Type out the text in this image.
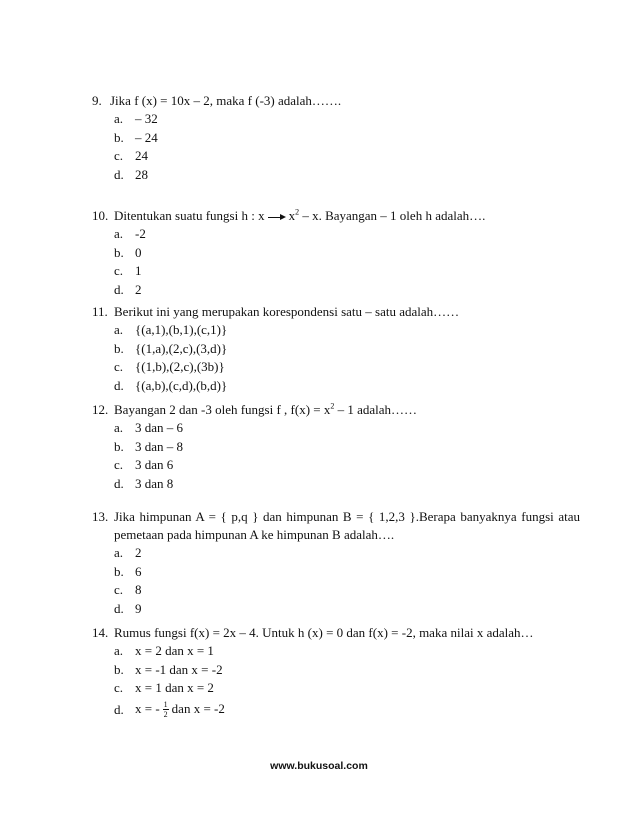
9. Jika f (x) = 10x – 2, maka f (-3) adalah…….
a. – 32
b. – 24
c. 24
d. 28
10. Ditentukan suatu fungsi h : x $x^2$ – x. Bayangan – 1 oleh h adalah….
a. -2
b. 0
c. 1
d. 2
11. Berikut ini yang merupakan korespondensi satu – satu adalah……
a. {(a,1),(b,1),(c,1)}
b. {(1,a),(2,c),(3,d)}
c. {(1,b),(2,c),(3b)}
d. {(a,b),(c,d),(b,d)}
12. Bayangan 2 dan -3 oleh fungsi f , $f(x) = x^2 - 1$ adalah……
a. 3 dan – 6
b. 3 dan – 8
c. 3 dan 6
d. 3 dan 8
13. Jika himpunan A = { p,q } dan himpunan B = { 1,2,3 }.Berapa banyaknya fungsi atau pemetaan pada himpunan A ke himpunan B adalah….
a. 2
b. 6
c. 8
d. 9
14. Rumus fungsi f(x) = 2x – 4. Untuk h (x) = 0 dan f(x) = -2, maka nilai x adalah…
a. x = 2 dan x = 1
b. x = -1 dan x = -2
c. x = 1 dan x = 2
d. x = - $\frac{1}{2}$ dan x = -2
www.bukusoal.com
